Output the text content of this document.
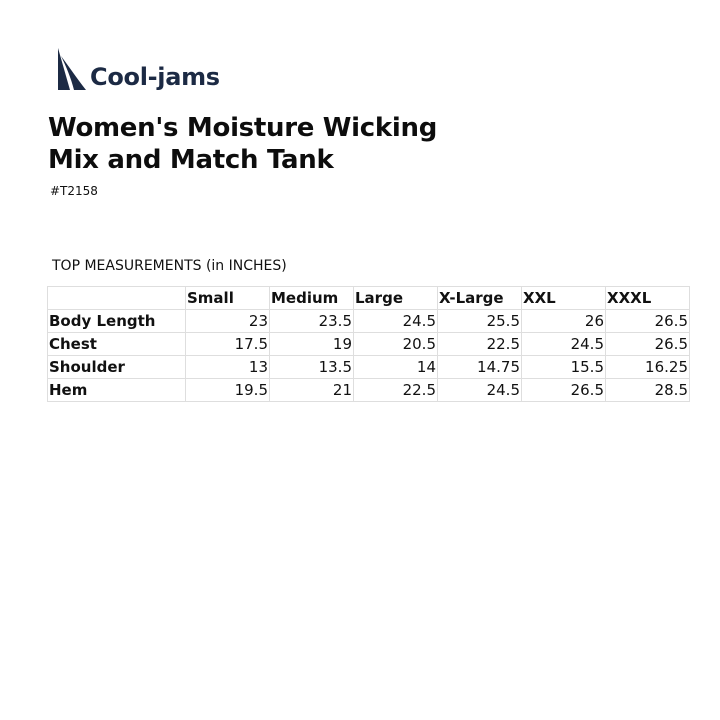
Cool-jams
Women's Moisture Wicking
Mix and Match Tank
#T2158
TOP MEASUREMENTS (in INCHES)
	Small	Medium	Large	X-Large	XXL	XXXL
Body Length	23	23.5	24.5	25.5	26	26.5
Chest	17.5	19	20.5	22.5	24.5	26.5
Shoulder	13	13.5	14	14.75	15.5	16.25
Hem	19.5	21	22.5	24.5	26.5	28.5
